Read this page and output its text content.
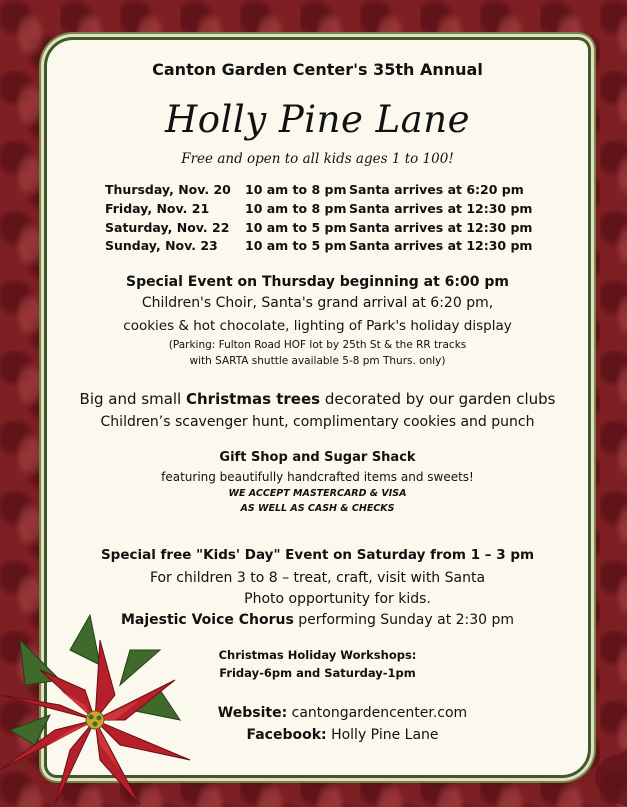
Canton Garden Center's 35th Annual
Holly Pine Lane
Free and open to all kids ages 1 to 100!
Thursday, Nov. 20	10 am to 8 pm Santa arrives at 6:20 pm
Friday, Nov. 21	10 am to 8 pm Santa arrives at 12:30 pm
Saturday, Nov. 22	10 am to 5 pm Santa arrives at 12:30 pm
Sunday, Nov. 23	10 am to 5 pm Santa arrives at 12:30 pm
Special Event on Thursday beginning at 6:00 pm
Children's Choir, Santa's grand arrival at 6:20 pm,
cookies & hot chocolate, lighting of Park's holiday display
(Parking: Fulton Road HOF lot by 25th St & the RR tracks
with SARTA shuttle available 5-8 pm Thurs. only)
Big and small Christmas trees decorated by our garden clubs
Children’s scavenger hunt, complimentary cookies and punch
Gift Shop and Sugar Shack
featuring beautifully handcrafted items and sweets!
WE ACCEPT MASTERCARD & VISA
AS WELL AS CASH & CHECKS
Special free "Kids' Day" Event on Saturday from 1 – 3 pm
For children 3 to 8 – treat, craft, visit with Santa
Photo opportunity for kids.
Majestic Voice Chorus performing Sunday at 2:30 pm
Christmas Holiday Workshops:
Friday-6pm and Saturday-1pm
Website: cantongardencenter.com
Facebook: Holly Pine Lane
